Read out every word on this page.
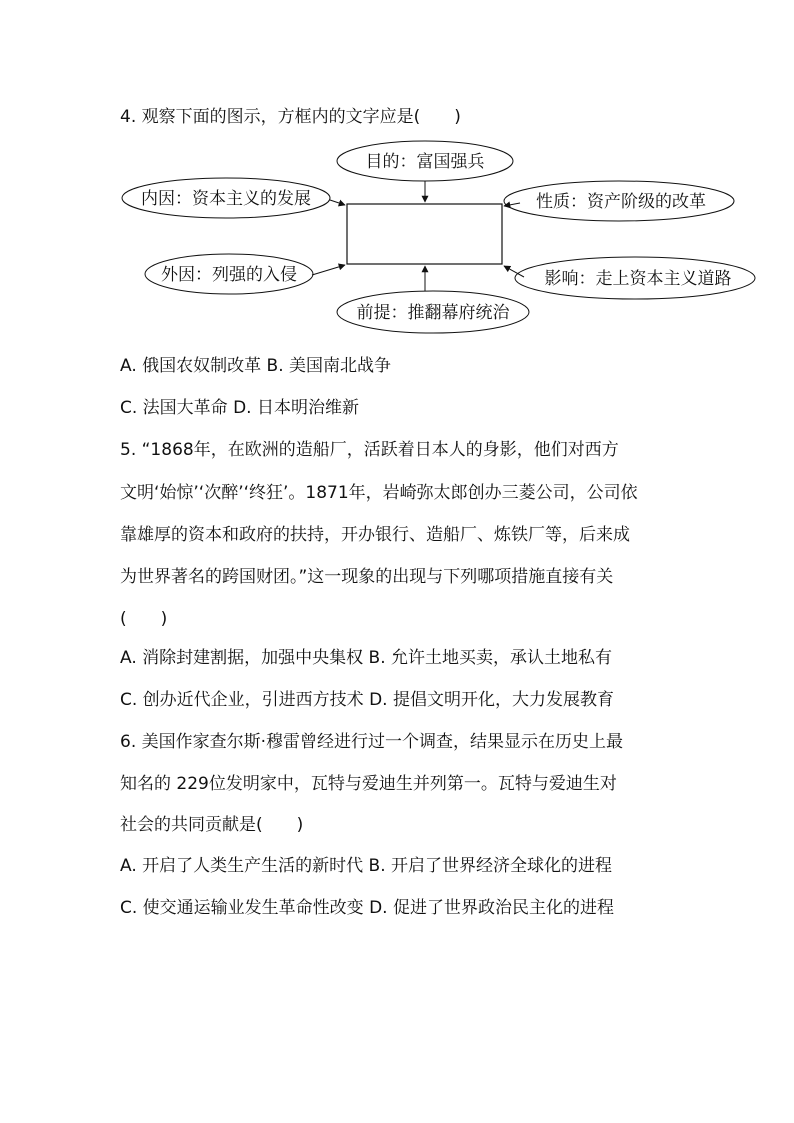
4. 观察下面的图示，方框内的文字应是(　　)
目的：富国强兵
内因：资本主义的发展
外因：列强的入侵
前提：推翻幕府统治
性质：资产阶级的改革
影响：走上资本主义道路
A. 俄国农奴制改革 B. 美国南北战争
C. 法国大革命 D. 日本明治维新
5. “1868年，在欧洲的造船厂，活跃着日本人的身影，他们对西方
文明‘始惊’‘次醉’‘终狂’。1871年，岩崎弥太郎创办三菱公司，公司依
靠雄厚的资本和政府的扶持，开办银行、造船厂、炼铁厂等，后来成
为世界著名的跨国财团。”这一现象的出现与下列哪项措施直接有关
(　　)
A. 消除封建割据，加强中央集权 B. 允许土地买卖，承认土地私有
C. 创办近代企业，引进西方技术 D. 提倡文明开化，大力发展教育
6. 美国作家查尔斯·穆雷曾经进行过一个调查，结果显示在历史上最
知名的 229位发明家中，瓦特与爱迪生并列第一。瓦特与爱迪生对
社会的共同贡献是(　　)
A. 开启了人类生产生活的新时代 B. 开启了世界经济全球化的进程
C. 使交通运输业发生革命性改变 D. 促进了世界政治民主化的进程
